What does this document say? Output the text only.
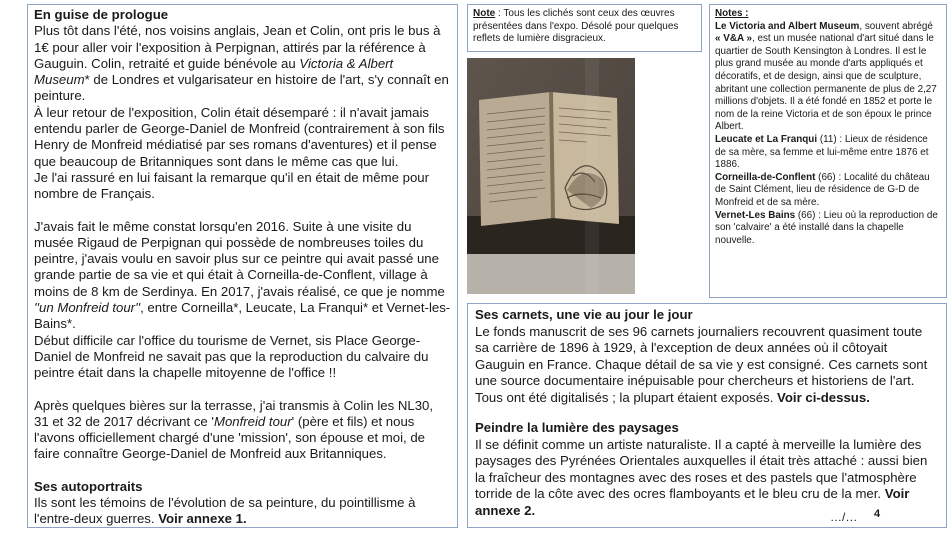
En guise de prologue

Plus tôt dans l'été, nos voisins anglais, Jean et Colin, ont pris le bus à 1€ pour aller voir l'exposition à Perpignan, attirés par la référence à Gauguin. Colin, retraité et guide bénévole au Victoria & Albert Museum* de Londres et vulgarisateur en histoire de l'art, s'y connaît en peinture.

À leur retour de l'exposition, Colin était désemparé : il n'avait jamais entendu parler de George-Daniel de Monfreid (contrairement à son fils Henry de Monfreid médiatisé par ses romans d'aventures) et il pense que beaucoup de Britanniques sont dans le même cas que lui.

Je l'ai rassuré en lui faisant la remarque qu'il en était de même pour nombre de Français.

J'avais fait le même constat lorsqu'en 2016. Suite à une visite du musée Rigaud de Perpignan qui possède de nombreuses toiles du peintre, j'avais voulu en savoir plus sur ce peintre qui avait passé une grande partie de sa vie et qui était à Corneilla-de-Conflent, village à moins de 8 km de Serdinya. En 2017, j'avais réalisé, ce que je nomme ''un Monfreid tour'', entre Corneilla*, Leucate, La Franqui* et Vernet-les-Bains*.

Début difficile car l'office du tourisme de Vernet, sis Place George-Daniel de Monfreid ne savait pas que la reproduction du calvaire du peintre était dans la chapelle mitoyenne de l'office !!

Après quelques bières sur la terrasse, j'ai transmis à Colin les NL30, 31 et 32 de 2017 décrivant ce 'Monfreid tour' (père et fils) et nous l'avons officiellement chargé d'une 'mission', son épouse et moi, de faire connaître George-Daniel de Monfreid aux Britanniques.

Ses autoportraits

Ils sont les témoins de l'évolution de sa peinture, du pointillisme à l'entre-deux guerres. Voir annexe 1.

Note : Tous les clichés sont ceux des œuvres présentées dans l'expo. Désolé pour quelques reflets de lumière disgracieux.

Notes :

Le Victoria and Albert Museum, souvent abrégé « V&A », est un musée national d'art situé dans le quartier de South Kensington à Londres. Il est le plus grand musée au monde d'arts appliqués et décoratifs, et de design, ainsi que de sculpture, abritant une collection permanente de plus de 2,27 millions d'objets. Il a été fondé en 1852 et porte le nom de la reine Victoria et de son époux le prince Albert.

Leucate et La Franqui (11) : Lieux de résidence de sa mère, sa femme et lui-même entre 1876 et 1886.

Corneilla-de-Conflent (66) : Localité du château de Saint Clément, lieu de résidence de G-D de Monfreid et de sa mère.

Vernet-Les Bains (66) : Lieu où la reproduction de son 'calvaire' a été installé dans la chapelle nouvelle.

Ses carnets, une vie au jour le jour

Le fonds manuscrit de ses 96 carnets journaliers recouvrent quasiment toute sa carrière de 1896 à 1929, à l'exception de deux années où il côtoyait Gauguin en France. Chaque détail de sa vie y est consigné. Ces carnets sont une source documentaire inépuisable pour chercheurs et historiens de l'art. Tous ont été digitalisés ; la plupart étaient exposés. Voir ci-dessus.

Peindre la lumière des paysages

Il se définit comme un artiste naturaliste. Il a capté à merveille la lumière des paysages des Pyrénées Orientales auxquelles il était très attaché : aussi bien la fraîcheur des montagnes avec des roses et des pastels que l'atmosphère torride de la côte avec des ocres flamboyants et le bleu cru de la mer. Voir annexe 2.	…/… 4
